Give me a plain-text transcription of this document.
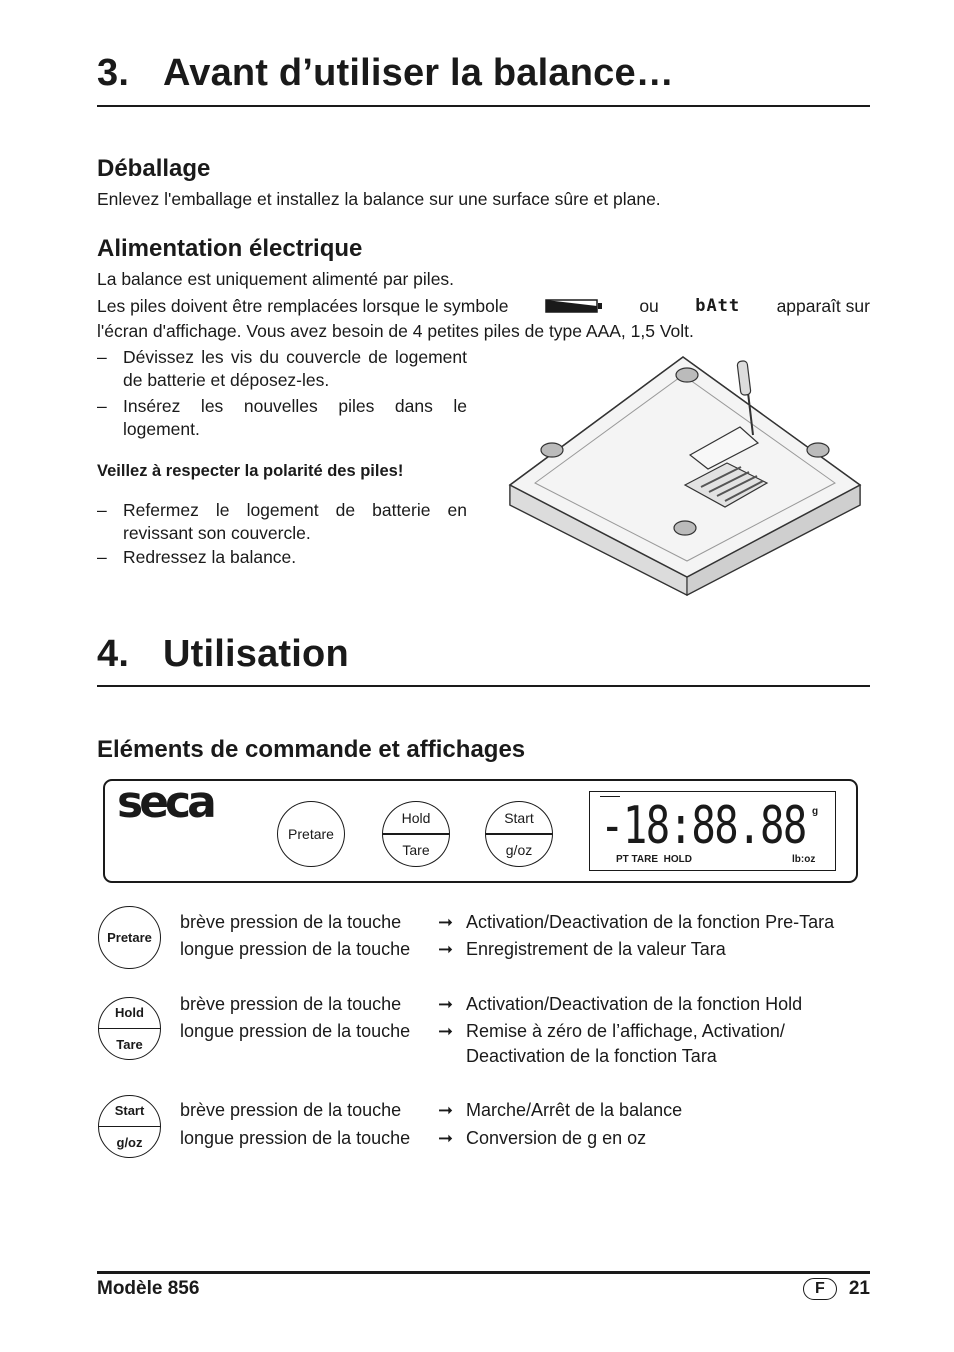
3. Avant d’utiliser la balance…
Déballage
Enlevez l'emballage et installez la balance sur une surface sûre et plane.
Alimentation électrique
La balance est uniquement alimenté par piles.
Les piles doivent être remplacées lorsque le symbole	ou bAtt apparaît sur
l'écran d'affichage. Vous avez besoin de 4 petites piles de type AAA, 1,5 Volt.
– Dévissez les vis du couvercle de logement de batterie et déposez-les.
– Insérez les nouvelles piles dans le logement.
Veillez à respecter la polarité des piles!
– Refermez le logement de batterie en revissant son couvercle.
– Redressez la balance.
4. Utilisation
Eléments de commande et affichages
seca
Pretare
Hold
Tare
Start
g/oz	-18:88.88 g
PT TARE  HOLD	lb:oz
Pretare
brève pression de la touche ➞ Activation/Deactivation de la fonction Pre-Tara
longue pression de la touche ➞ Enregistrement de la valeur Tara
Hold
Tare
brève pression de la touche ➞ Activation/Deactivation de la fonction Hold
longue pression de la touche ➞ Remise à zéro de l’affichage, Activation/
Deactivation de la fonction Tara
Start
g/oz
brève pression de la touche ➞ Marche/Arrêt de la balance
longue pression de la touche ➞ Conversion de g en oz
Modèle 856	F	21
